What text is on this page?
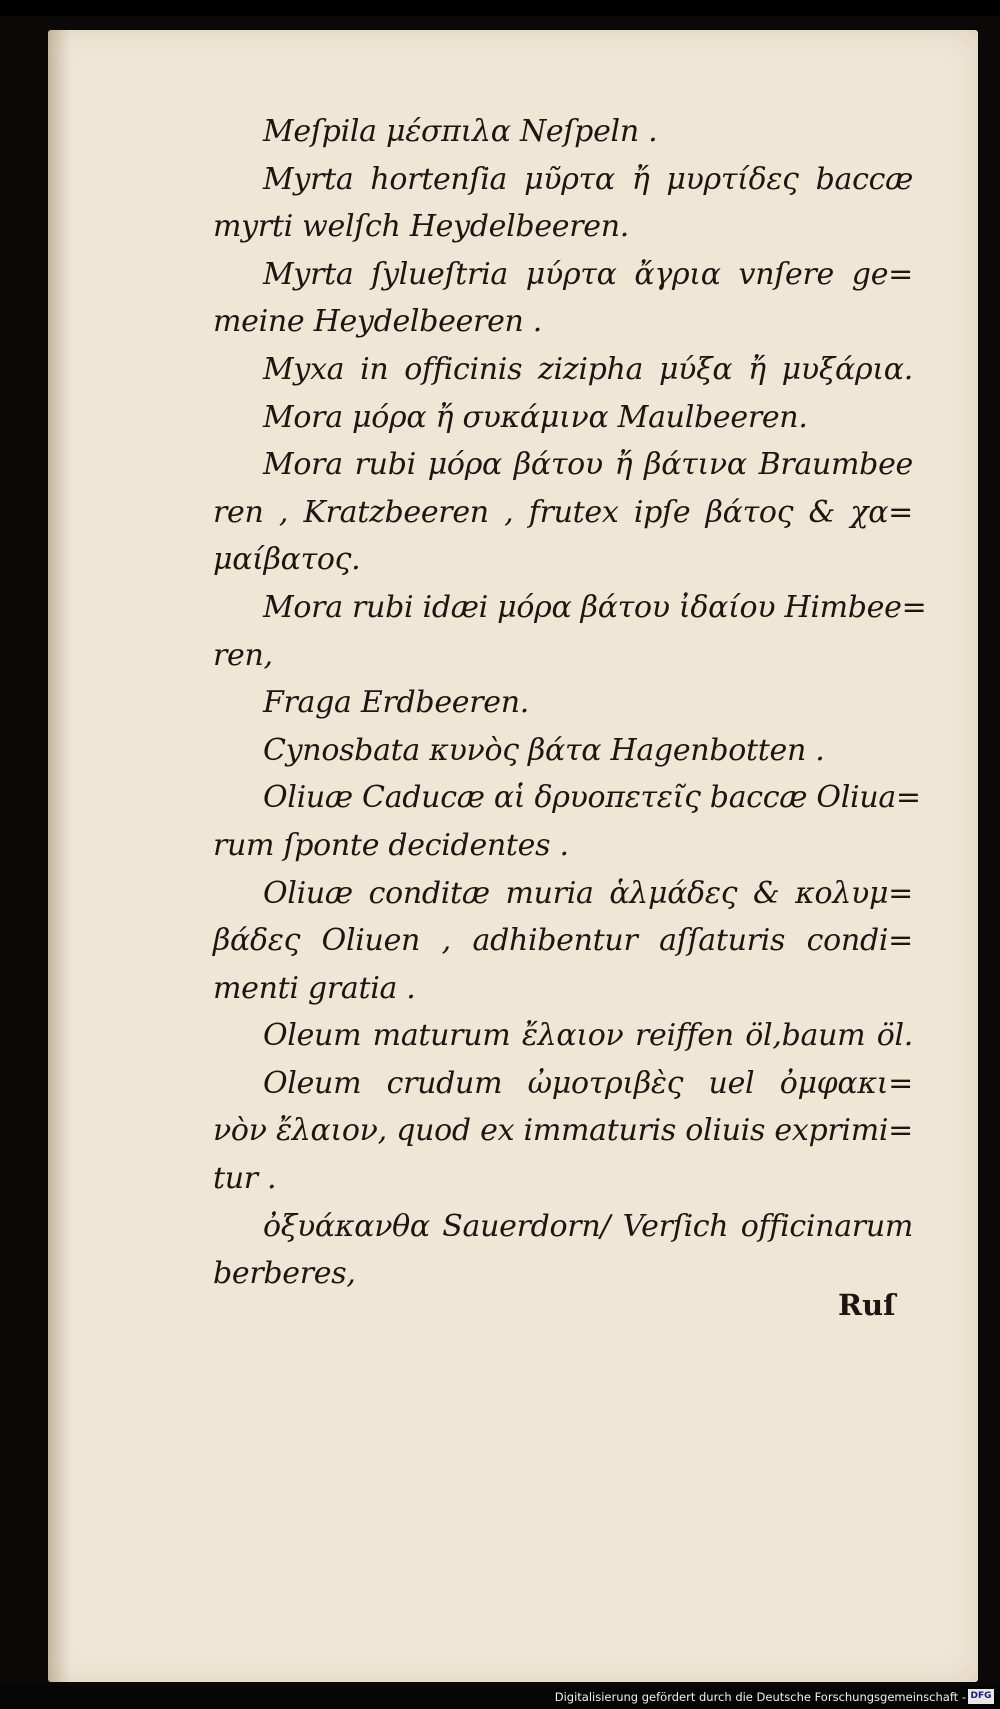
Meſpila μέσπιλα Neſpeln .
Myrta hortenſia μυ̃ρτα ἤ μυρτίδες baccæ
myrti welſch Heydelbeeren.
Myrta ſylueſtria μύρτα ἄγρια vnſere ge=
meine Heydelbeeren .
Myxa in officinis zizipha μύξα ἤ μυξάρια.
Mora μόρα ἤ συκάμινα Maulbeeren.
Mora rubi μόρα βάτου ἤ βάτινα Braumbee
ren , Kratzbeeren , frutex ipſe βάτος & χα=
μαίβατος.
Mora rubi idæi μόρα βάτου ἰδαίου Himbee=
ren,
Fraga Erdbeeren.
Cynosbata κυνὸς βάτα Hagenbotten .
Oliuæ Caducæ αἱ δρυοπετεῖς baccæ Oliua=
rum ſponte decidentes .
Oliuæ conditæ muria ἁλμάδες & κολυμ=
βάδες Oliuen , adhibentur aſſaturis condi=
menti gratia .
Oleum maturum ἔλαιον reiffen öl,baum öl.
Oleum crudum ὠμοτριβὲς uel ὀμφακι=
νὸν ἔλαιον, quod ex immaturis oliuis exprimi=
tur .
ὀξυάκανθα Sauerdorn/ Verſich officinarum
berberes,
Ruſ
Digitalisierung gefördert durch die Deutsche Forschungsgemeinschaft - DFG
